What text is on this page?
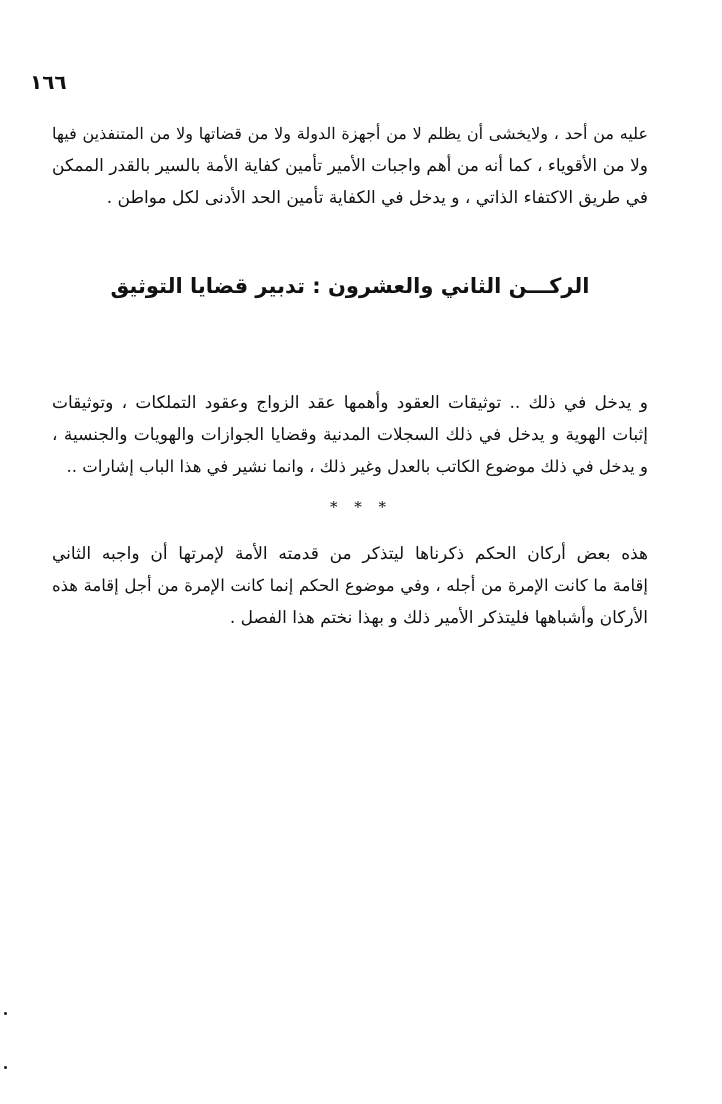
١٦٦
عليه من أحد ، ولايخشى أن يظلم لا من أجهزة الدولة ولا من قضاتها ولا من المتنفذين فيها
ولا من الأقوياء ، كما أنه من أهم واجبات الأمير تأمين كفاية الأمة بالسير بالقدر الممكن
في طريق الاكتفاء الذاتي ، و يدخل في الكفاية تأمين الحد الأدنى لكل مواطن .
الركـــن الثاني والعشرون : تدبير قضايا التوثيق
و يدخل في ذلك .. توثيقات العقود وأهمها عقد الزواج وعقود التملكات ، وتوثيقات
إثبات الهوية و يدخل في ذلك السجلات المدنية وقضايا الجوازات والهويات والجنسية ،
و يدخل في ذلك موضوع الكاتب بالعدل وغير ذلك ، وانما نشير في هذا الباب إشارات ..
* * *
هذه بعض أركان الحكم ذكرناها ليتذكر من قدمته الأمة لإمرتها أن واجبه الثاني
إقامة ما كانت الإمرة من أجله ، وفي موضوع الحكم إنما كانت الإمرة من أجل إقامة هذه
الأركان وأشباهها فليتذكر الأمير ذلك و بهذا نختم هذا الفصل .
